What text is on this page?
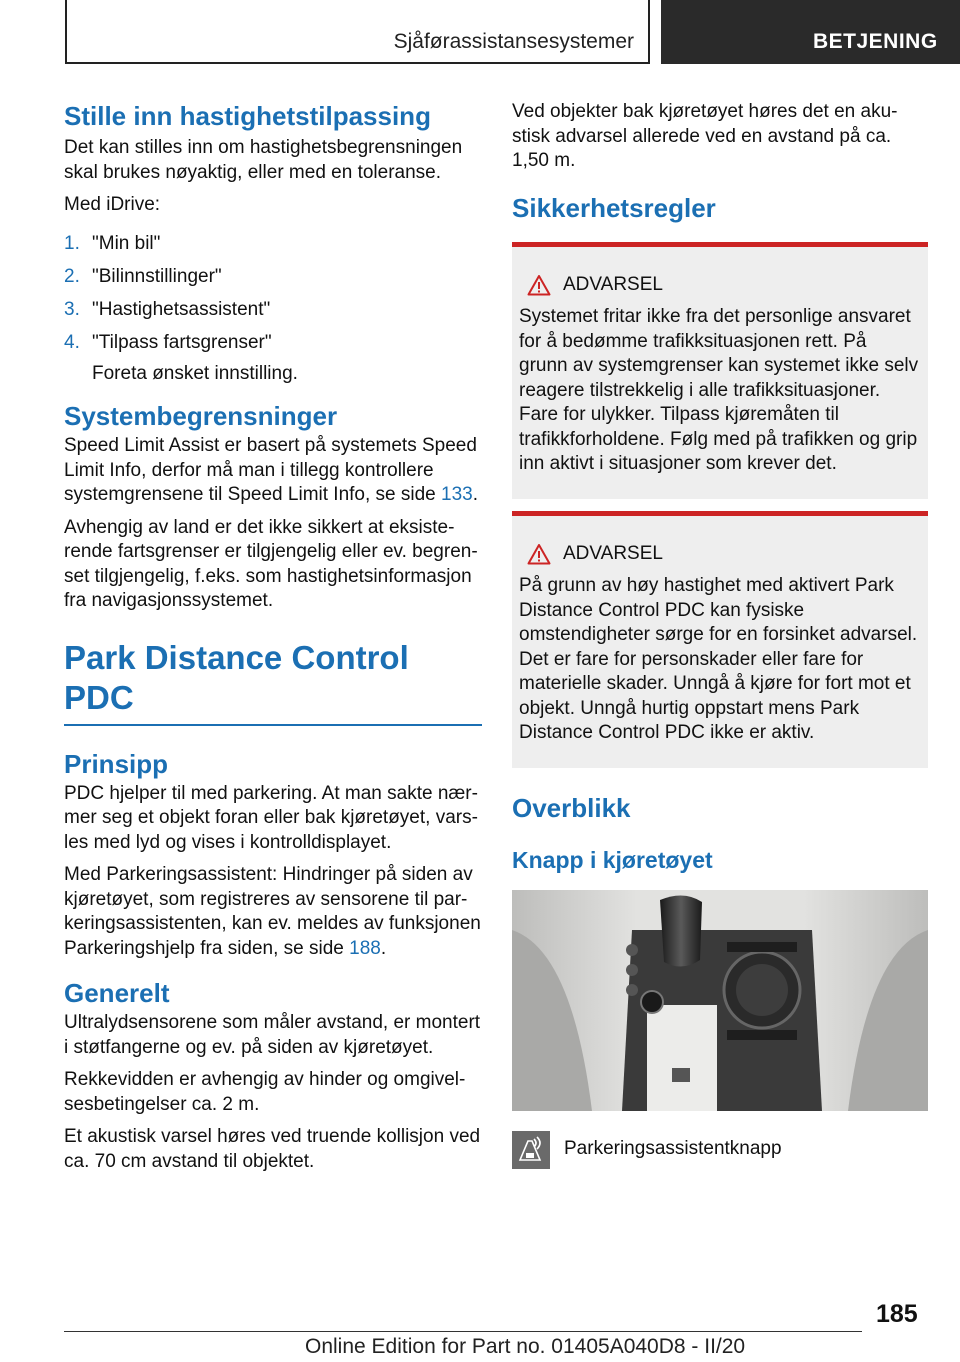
Sjåførassistansesystemer	BETJENING
Stille inn hastighetstilpassing
Det kan stilles inn om hastighetsbegrensningen skal brukes nøyaktig, eller med en toleranse.
Med iDrive:
1. "Min bil"
2. "Bilinnstillinger"
3. "Hastighetsassistent"
4. "Tilpass fartsgrenser"
Foreta ønsket innstilling.
Systembegrensninger
Speed Limit Assist er basert på systemets Speed Limit Info, derfor må man i tillegg kontrollere systemgrensene til Speed Limit Info, se side 133.
Avhengig av land er det ikke sikkert at eksisterende fartsgrenser er tilgjengelig eller ev. begrenset tilgjengelig, f.eks. som hastighetsinformasjon fra navigasjonssystemet.
Park Distance Control PDC
Prinsipp
PDC hjelper til med parkering. At man sakte nærmer seg et objekt foran eller bak kjøretøyet, varsles med lyd og vises i kontrolldisplayet.
Med Parkeringsassistent: Hindringer på siden av kjøretøyet, som registreres av sensorene til parkeringsassistenten, kan ev. meldes av funksjonen Parkeringshjelp fra siden, se side 188.
Generelt
Ultralydsensorene som måler avstand, er montert i støtfangerne og ev. på siden av kjøretøyet.
Rekkevidden er avhengig av hinder og omgivelsesbetingelser ca. 2 m.
Et akustisk varsel høres ved truende kollisjon ved ca. 70 cm avstand til objektet.
Ved objekter bak kjøretøyet høres det en akustisk advarsel allerede ved en avstand på ca. 1,50 m.
Sikkerhetsregler
ADVARSEL
Systemet fritar ikke fra det personlige ansvaret for å bedømme trafikksituasjonen rett. På grunn av systemgrenser kan systemet ikke selv reagere tilstrekkelig i alle trafikksituasjoner. Fare for ulykker. Tilpass kjøremåten til trafikkforholdene. Følg med på trafikken og grip inn aktivt i situasjoner som krever det.
ADVARSEL
På grunn av høy hastighet med aktivert Park Distance Control PDC kan fysiske omstendigheter sørge for en forsinket advarsel. Det er fare for personskader eller fare for materielle skader. Unngå å kjøre for fort mot et objekt. Unngå hurtig oppstart mens Park Distance Control PDC ikke er aktiv.
Overblikk
Knapp i kjøretøyet
Parkeringsassistentknapp
185
Online Edition for Part no. 01405A040D8 - II/20
